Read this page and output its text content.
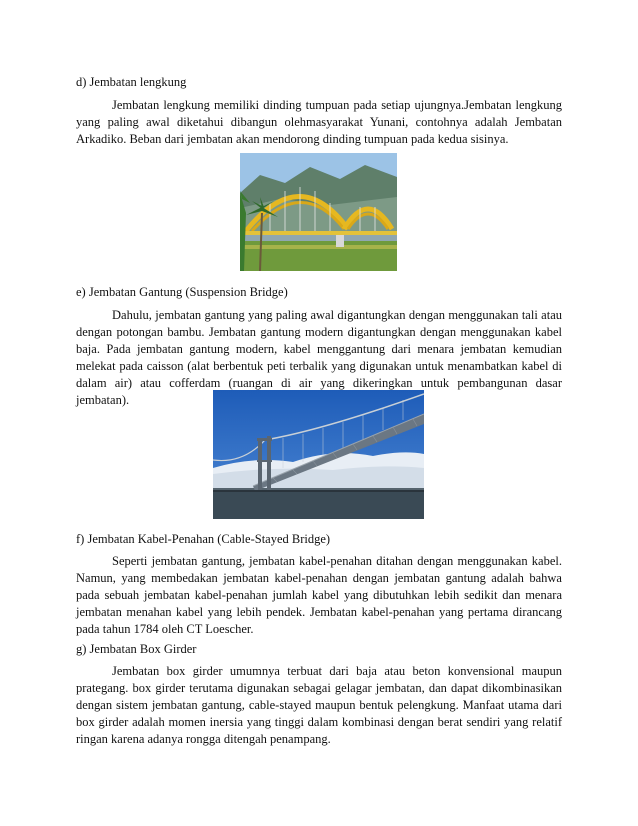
d) Jembatan lengkung

Jembatan lengkung memiliki dinding tumpuan pada setiap ujungnya.Jembatan lengkung yang paling awal diketahui dibangun olehmasyarakat Yunani, contohnya adalah Jembatan Arkadiko. Beban dari jembatan akan mendorong dinding tumpuan pada kedua sisinya.

e) Jembatan Gantung (Suspension Bridge)

Dahulu, jembatan gantung yang paling awal digantungkan dengan menggunakan tali atau dengan potongan bambu. Jembatan gantung modern digantungkan dengan menggunakan kabel baja. Pada jembatan gantung modern, kabel menggantung dari menara jembatan kemudian melekat pada caisson (alat berbentuk peti terbalik yang digunakan untuk menambatkan kabel di dalam air) atau cofferdam (ruangan di air yang dikeringkan untuk pembangunan dasar jembatan).

f) Jembatan Kabel-Penahan (Cable-Stayed Bridge)

Seperti jembatan gantung, jembatan kabel-penahan ditahan dengan menggunakan kabel. Namun, yang membedakan jembatan kabel-penahan dengan jembatan gantung adalah bahwa pada sebuah jembatan kabel-penahan jumlah kabel yang dibutuhkan lebih sedikit dan menara jembatan menahan kabel yang lebih pendek. Jembatan kabel-penahan yang pertama dirancang pada tahun 1784 oleh CT Loescher.

g) Jembatan Box Girder

Jembatan box girder umumnya terbuat dari baja atau beton konvensional maupun prategang. box girder terutama digunakan sebagai gelagar jembatan, dan dapat dikombinasikan dengan sistem jembatan gantung, cable-stayed maupun bentuk pelengkung. Manfaat utama dari box girder adalah momen inersia yang tinggi dalam kombinasi dengan berat sendiri yang relatif ringan karena adanya rongga ditengah penampang.
